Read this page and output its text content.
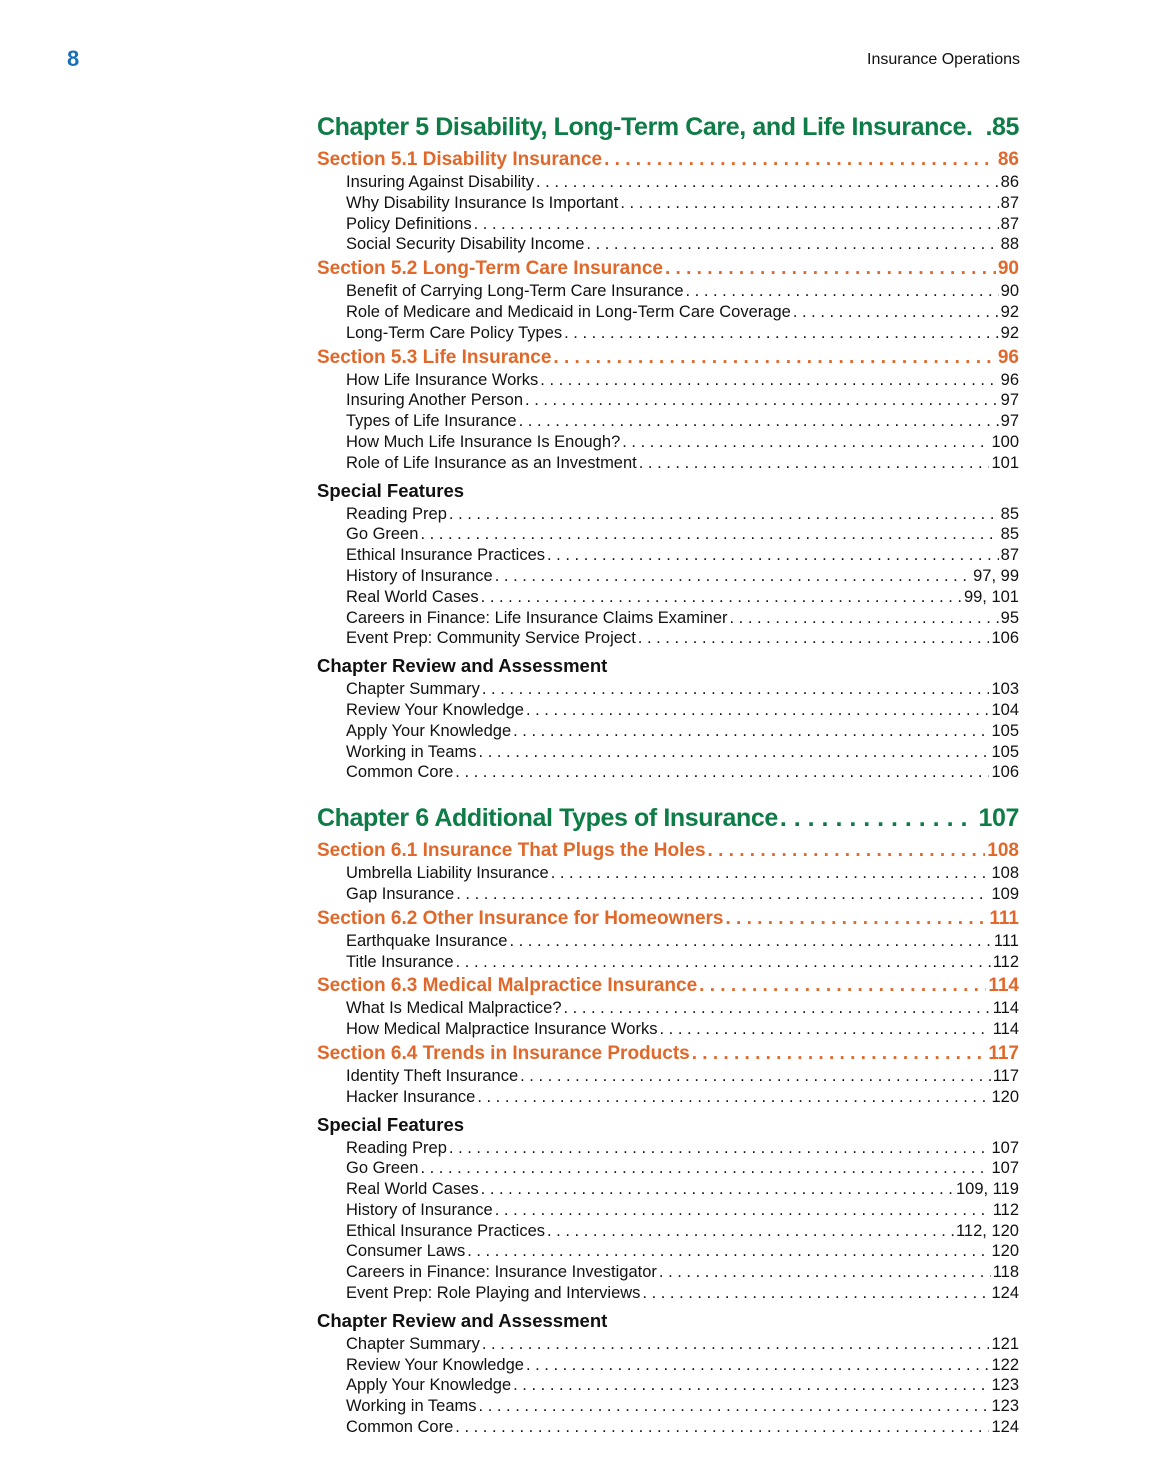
8	Insurance Operations
Chapter 5 Disability, Long-Term Care, and Life Insurance. .85
Section 5.1 Disability Insurance . . .	86
Insuring Against Disability . . .	86
Why Disability Insurance Is Important . . .	87
Policy Definitions . . .	87
Social Security Disability Income . . .	88
Section 5.2 Long-Term Care Insurance . . .	90
Benefit of Carrying Long-Term Care Insurance . . .	90
Role of Medicare and Medicaid in Long-Term Care Coverage . . .	92
Long-Term Care Policy Types . . .	92
Section 5.3 Life Insurance . . .	96
How Life Insurance Works . . .	96
Insuring Another Person . . .	97
Types of Life Insurance . . .	97
How Much Life Insurance Is Enough? . . .	100
Role of Life Insurance as an Investment . . .	101
Special Features
Reading Prep . . .	85
Go Green . . .	85
Ethical Insurance Practices . . .	87
History of Insurance . . .	97, 99
Real World Cases . . .	99, 101
Careers in Finance: Life Insurance Claims Examiner . . .	95
Event Prep: Community Service Project . . .	106
Chapter Review and Assessment
Chapter Summary . . .	103
Review Your Knowledge . . .	104
Apply Your Knowledge . . .	105
Working in Teams . . .	105
Common Core . . .	106
Chapter 6 Additional Types of Insurance . . .	107
Section 6.1 Insurance That Plugs the Holes . . .	108
Umbrella Liability Insurance . . .	108
Gap Insurance . . .	109
Section 6.2 Other Insurance for Homeowners . . .	111
Earthquake Insurance . . .	111
Title Insurance . . .	112
Section 6.3 Medical Malpractice Insurance . . .	114
What Is Medical Malpractice? . . .	114
How Medical Malpractice Insurance Works . . .	114
Section 6.4 Trends in Insurance Products . . .	117
Identity Theft Insurance . . .	117
Hacker Insurance . . .	120
Special Features
Reading Prep . . .	107
Go Green . . .	107
Real World Cases . . .	109, 119
History of Insurance . . .	112
Ethical Insurance Practices . . .	112, 120
Consumer Laws . . .	120
Careers in Finance: Insurance Investigator . . .	118
Event Prep: Role Playing and Interviews . . .	124
Chapter Review and Assessment
Chapter Summary . . .	121
Review Your Knowledge . . .	122
Apply Your Knowledge . . .	123
Working in Teams . . .	123
Common Core . . .	124
